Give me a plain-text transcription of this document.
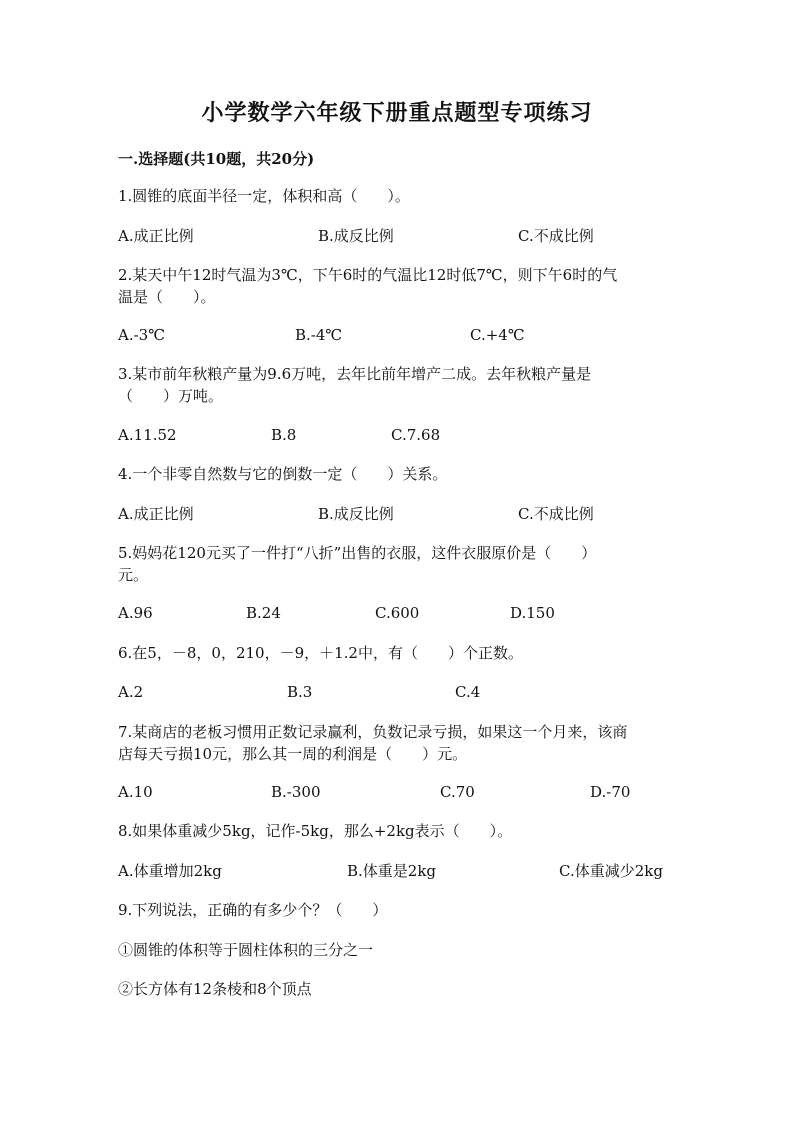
小学数学六年级下册重点题型专项练习
一.选择题(共10题，共20分)
1.圆锥的底面半径一定，体积和高（　　）。
A.成正比例	B.成反比例	C.不成比例
2.某天中午12时气温为3℃，下午6时的气温比12时低7℃，则下午6时的气
温是（　　）。
A.-3℃	B.-4℃	C.+4℃
3.某市前年秋粮产量为9.6万吨，去年比前年增产二成。去年秋粮产量是
（　　）万吨。
A.11.52	B.8	C.7.68
4.一个非零自然数与它的倒数一定（　　）关系。
A.成正比例	B.成反比例	C.不成比例
5.妈妈花120元买了一件打“八折”出售的衣服，这件衣服原价是（　　）
元。
A.96	B.24	C.600	D.150
6.在5，－8，0，210，－9，＋1.2中，有（　　）个正数。
A.2	B.3	C.4
7.某商店的老板习惯用正数记录赢利，负数记录亏损，如果这一个月来，该商
店每天亏损10元，那么其一周的利润是（　　）元。
A.10	B.-300	C.70	D.-70
8.如果体重减少5kg，记作-5kg，那么+2kg表示（　　）。
A.体重增加2kg	B.体重是2kg	C.体重减少2kg
9.下列说法，正确的有多少个？（　　）
①圆锥的体积等于圆柱体积的三分之一
②长方体有12条棱和8个顶点
